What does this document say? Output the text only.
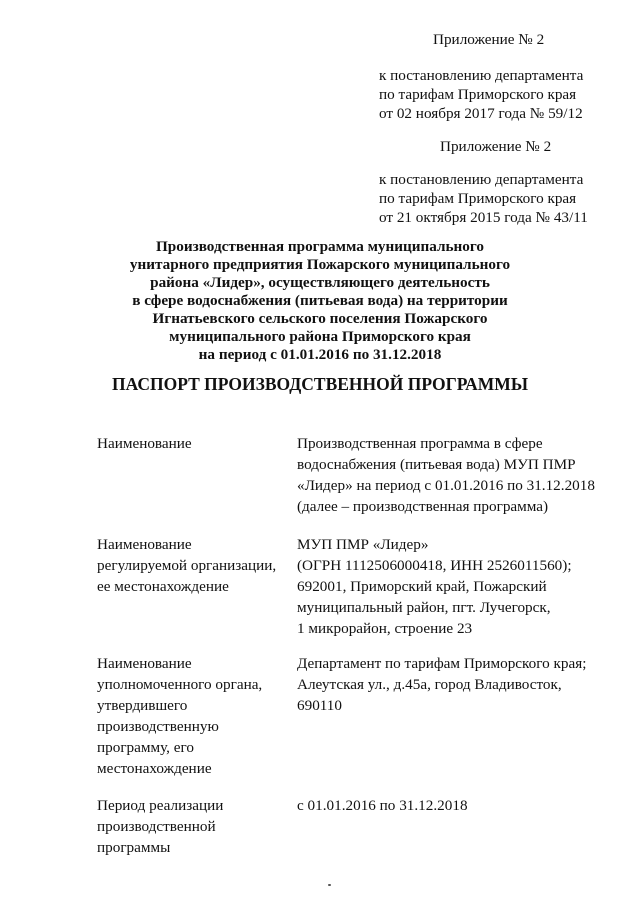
Приложение № 2
к постановлению департамента
по тарифам Приморского края
от 02 ноября 2017 года № 59/12
Приложение № 2
к постановлению департамента
по тарифам Приморского края
от 21 октября 2015 года № 43/11
Производственная программа муниципального
унитарного предприятия Пожарского муниципального
района «Лидер», осуществляющего деятельность
в сфере водоснабжения (питьевая вода) на территории
Игнатьевского сельского поселения Пожарского
муниципального района Приморского края
на период с 01.01.2016 по 31.12.2018
ПАСПОРТ ПРОИЗВОДСТВЕННОЙ ПРОГРАММЫ
Наименование	Производственная программа в сфере
водоснабжения (питьевая вода) МУП ПМР
«Лидер» на период с 01.01.2016 по 31.12.2018
(далее – производственная программа)
Наименование
регулируемой организации,
ее местонахождение
МУП ПМР «Лидер»
(ОГРН 1112506000418, ИНН 2526011560);
692001, Приморский край, Пожарский
муниципальный район, пгт. Лучегорск,
1 микрорайон, строение 23
Наименование
уполномоченного органа,
утвердившего
производственную
программу, его
местонахождение
Департамент по тарифам Приморского края;
Алеутская ул., д.45а, город Владивосток,
690110
Период реализации
производственной
программы
с 01.01.2016 по 31.12.2018
